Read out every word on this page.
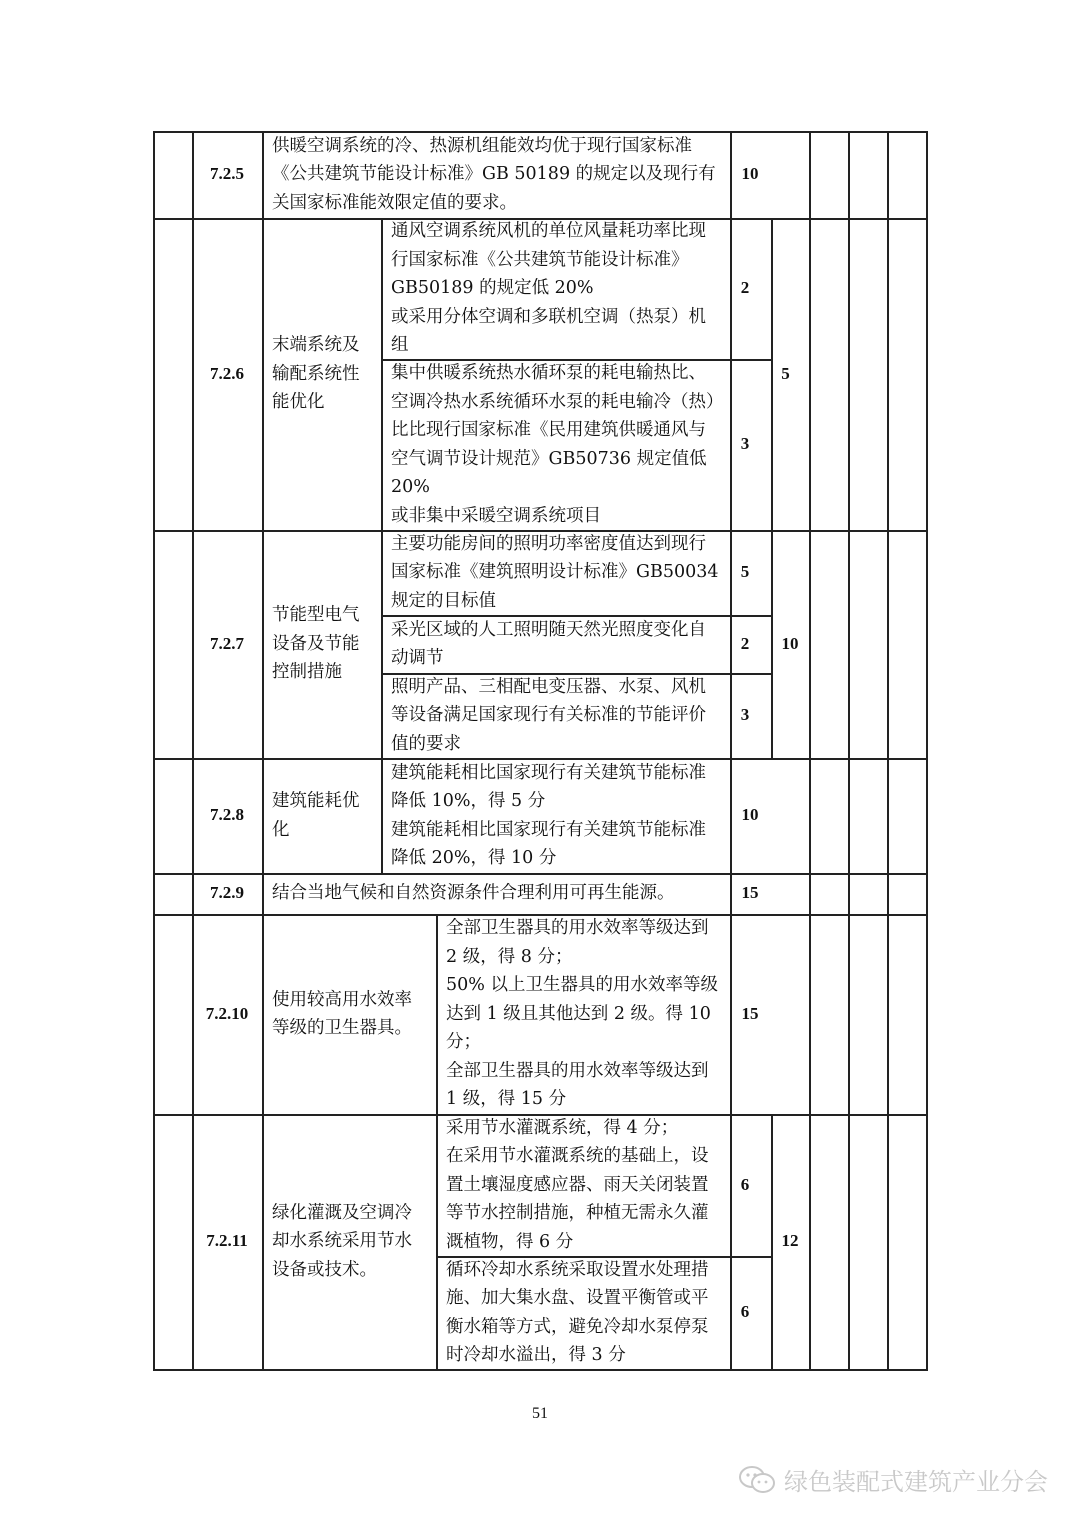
7.2.5
供暖空调系统的冷、热源机组能效均优于现行国家标准《公共建筑节能设计标准》GB 50189 的规定以及现行有关国家标准能效限定值的要求。
10
7.2.6
末端系统及输配系统性能优化
通风空调系统风机的单位风量耗功率比现行国家标准《公共建筑节能设计标准》GB50189 的规定低 20%
或采用分体空调和多联机空调（热泵）机组
2
集中供暖系统热水循环泵的耗电输热比、空调冷热水系统循环水泵的耗电输冷（热）比比现行国家标准《民用建筑供暖通风与空气调节设计规范》GB50736 规定值低 20%
或非集中采暖空调系统项目
3
5
7.2.7
节能型电气设备及节能控制措施
主要功能房间的照明功率密度值达到现行国家标准《建筑照明设计标准》GB50034 规定的目标值
5
采光区域的人工照明随天然光照度变化自动调节
2
照明产品、三相配电变压器、水泵、风机等设备满足国家现行有关标准的节能评价值的要求
3
10
7.2.8
建筑能耗优化
建筑能耗相比国家现行有关建筑节能标准降低 10%，得 5 分
建筑能耗相比国家现行有关建筑节能标准降低 20%，得 10 分
10
7.2.9	结合当地气候和自然资源条件合理利用可再生能源。	15
7.2.10
使用较高用水效率等级的卫生器具。
全部卫生器具的用水效率等级达到 2 级，得 8 分；
50% 以上卫生器具的用水效率等级达到 1 级且其他达到 2 级。得 10 分；
全部卫生器具的用水效率等级达到 1 级，得 15 分
15
7.2.11
绿化灌溉及空调冷却水系统采用节水设备或技术。
采用节水灌溉系统，得 4 分；
在采用节水灌溉系统的基础上，设置土壤湿度感应器、雨天关闭装置等节水控制措施，种植无需永久灌溉植物，得 6 分
6
循环冷却水系统采取设置水处理措施、加大集水盘、设置平衡管或平衡水箱等方式，避免冷却水泵停泵时冷却水溢出，得 3 分
6
12
51
绿色装配式建筑产业分会
